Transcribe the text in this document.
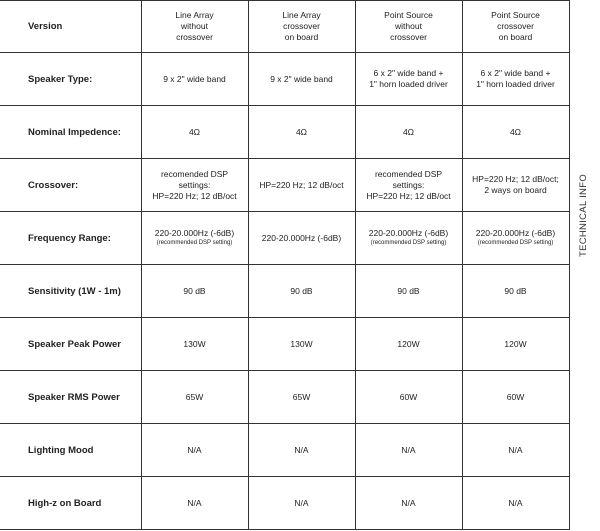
Version	Line Array
without
crossover	Line Array
crossover
on board	Point Source
without
crossover	Point Source
crossover
on board

Speaker Type:	9 x 2" wide band	9 x 2" wide band	6 x 2" wide band +
1" horn loaded driver	6 x 2" wide band +
1" horn loaded driver

Nominal Impedence:	4Ω	4Ω	4Ω	4Ω

Crossover:	recomended DSP settings:
HP=220 Hz; 12 dB/oct	HP=220 Hz; 12 dB/oct	recomended DSP settings:
HP=220 Hz; 12 dB/oct	HP=220 Hz; 12 dB/oct;
2 ways on board

Frequency Range:	220-20.000Hz (-6dB)
(recommended DSP setting)	220-20.000Hz (-6dB)	220-20.000Hz (-6dB)
(recommended DSP setting)	220-20.000Hz (-6dB)
(recommended DSP setting)

Sensitivity (1W - 1m)	90 dB	90 dB	90 dB	90 dB

Speaker Peak Power	130W	130W	120W	120W

Speaker RMS Power	65W	65W	60W	60W

Lighting Mood	N/A	N/A	N/A	N/A

High-z on Board	N/A	N/A	N/A	N/A
TECHNICAL INFO
